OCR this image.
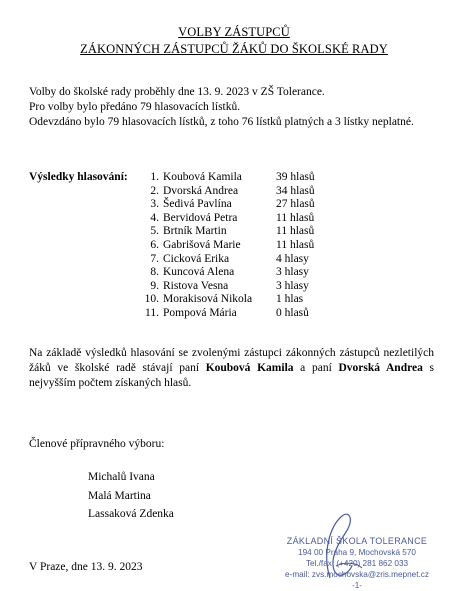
VOLBY ZÁSTUPCŮ
ZÁKONNÝCH ZÁSTUPCŮ ŽÁKŮ DO ŠKOLSKÉ RADY
Volby do školské rady proběhly dne 13. 9. 2023 v ZŠ Tolerance.
Pro volby bylo předáno 79 hlasovacích lístků.
Odevzdáno bylo 79 hlasovacích lístků, z toho 76 lístků platných a 3 lístky neplatné.
Výsledky hlasování:	1. Koubová Kamila	39 hlasů
2. Dvorská Andrea	34 hlasů
3. Šedivá Pavlína	27 hlasů
4. Bervidová Petra	11 hlasů
5. Brtník Martin	11 hlasů
6. Gabrišová Marie	11 hlasů
7. Cicková Erika	4 hlasy
8. Kuncová Alena	3 hlasy
9. Ristova Vesna	3 hlasy
10. Morakisová Nikola 1 hlas
11. Pompová Mária	0 hlasů
Na základě výsledků hlasování se zvolenými zástupci zákonných zástupců nezletilých žáků ve školské radě stávají paní Koubová Kamila a paní Dvorská Andrea s nejvyšším počtem získaných hlasů.
Členové přípravného výboru:
Michalů Ivana
Malá Martina
Lassaková Zdenka
V Praze, dne 13. 9. 2023
ZÁKLADNÍ ŠKOLA TOLERANCE
194 00 Praha 9, Mochovská 570
Tel./fax: (+420) 281 862 033
e-mail: zvs.mochovska@zris.mepnet.cz
-1-
